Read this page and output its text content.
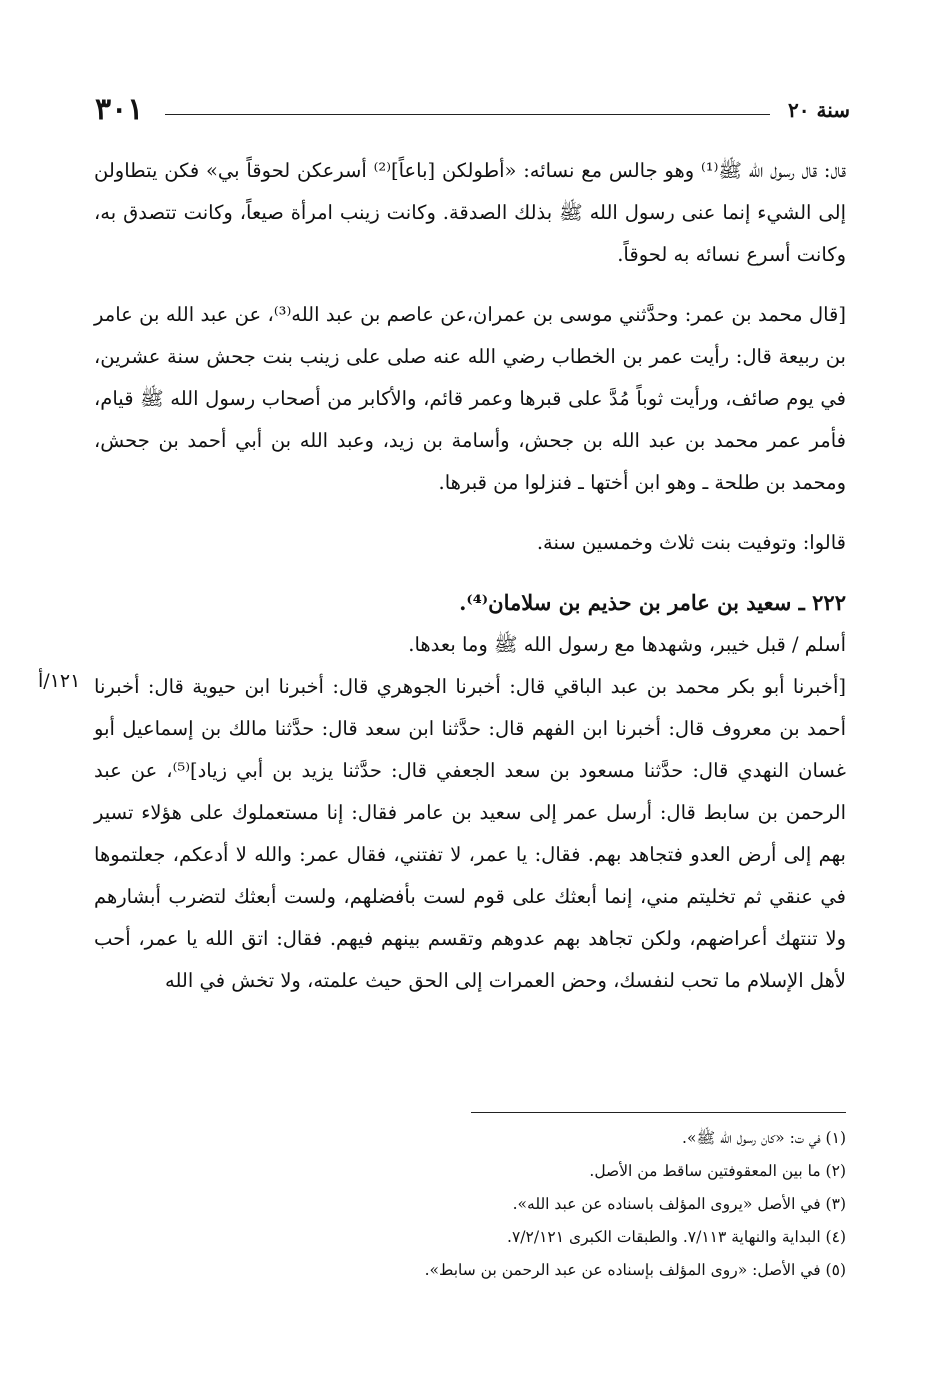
٣٠١	سنة ٢٠
١٢١/أ

قال: قال رسول الله ﷺ⁽¹⁾ وهو جالس مع نسائه: «أطولكن [باعاً]⁽²⁾ أسرعكن لحوقاً بي» فكن يتطاولن إلى الشيء إنما عنى رسول الله ﷺ بذلك الصدقة. وكانت زينب امرأة صيعاً، وكانت تتصدق به، وكانت أسرع نسائه به لحوقاً.

[قال محمد بن عمر: وحدَّثني موسى بن عمران،عن عاصم بن عبد الله⁽³⁾، عن عبد الله بن عامر بن ربيعة قال: رأيت عمر بن الخطاب رضي الله عنه صلى على زينب بنت جحش سنة عشرين، في يوم صائف، ورأيت ثوباً مُدَّ على قبرها وعمر قائم، والأكابر من أصحاب رسول الله ﷺ قيام، فأمر عمر محمد بن عبد الله بن جحش، وأسامة بن زيد، وعبد الله بن أبي أحمد بن جحش، ومحمد بن طلحة ـ وهو ابن أختها ـ فنزلوا من قبرها.

قالوا: وتوفيت بنت ثلاث وخمسين سنة.

٢٢٢ ـ سعيد بن عامر بن حذيم بن سلامان⁽⁴⁾.

أسلم / قبل خيبر، وشهدها مع رسول الله ﷺ وما بعدها.

[أخبرنا أبو بكر محمد بن عبد الباقي قال: أخبرنا الجوهري قال: أخبرنا ابن حيوية قال: أخبرنا أحمد بن معروف قال: أخبرنا ابن الفهم قال: حدَّثنا ابن سعد قال: حدَّثنا مالك بن إسماعيل أبو غسان النهدي قال: حدَّثنا مسعود بن سعد الجعفي قال: حدَّثنا يزيد بن أبي زياد]⁽⁵⁾، عن عبد الرحمن بن سابط قال: أرسل عمر إلى سعيد بن عامر فقال: إنا مستعملوك على هؤلاء تسير بهم إلى أرض العدو فتجاهد بهم. فقال: يا عمر، لا تفتني، فقال عمر: والله لا أدعكم، جعلتموها في عنقي ثم تخليتم مني، إنما أبعثك على قوم لست بأفضلهم، ولست أبعثك لتضرب أبشارهم ولا تنتهك أعراضهم، ولكن تجاهد بهم عدوهم وتقسم بينهم فيهم. فقال: اتق الله يا عمر، أحب لأهل الإسلام ما تحب لنفسك، وحض العمرات إلى الحق حيث علمته، ولا تخش في الله

(١) في ت: «كان رسول الله ﷺ».
(٢) ما بين المعقوفتين ساقط من الأصل.
(٣) في الأصل «يروى المؤلف باسناده عن عبد الله».
(٤) البداية والنهاية ٧/١١٣. والطبقات الكبرى ٧/٢/١٢١.
(٥) في الأصل: «روى المؤلف بإسناده عن عبد الرحمن بن سابط».
